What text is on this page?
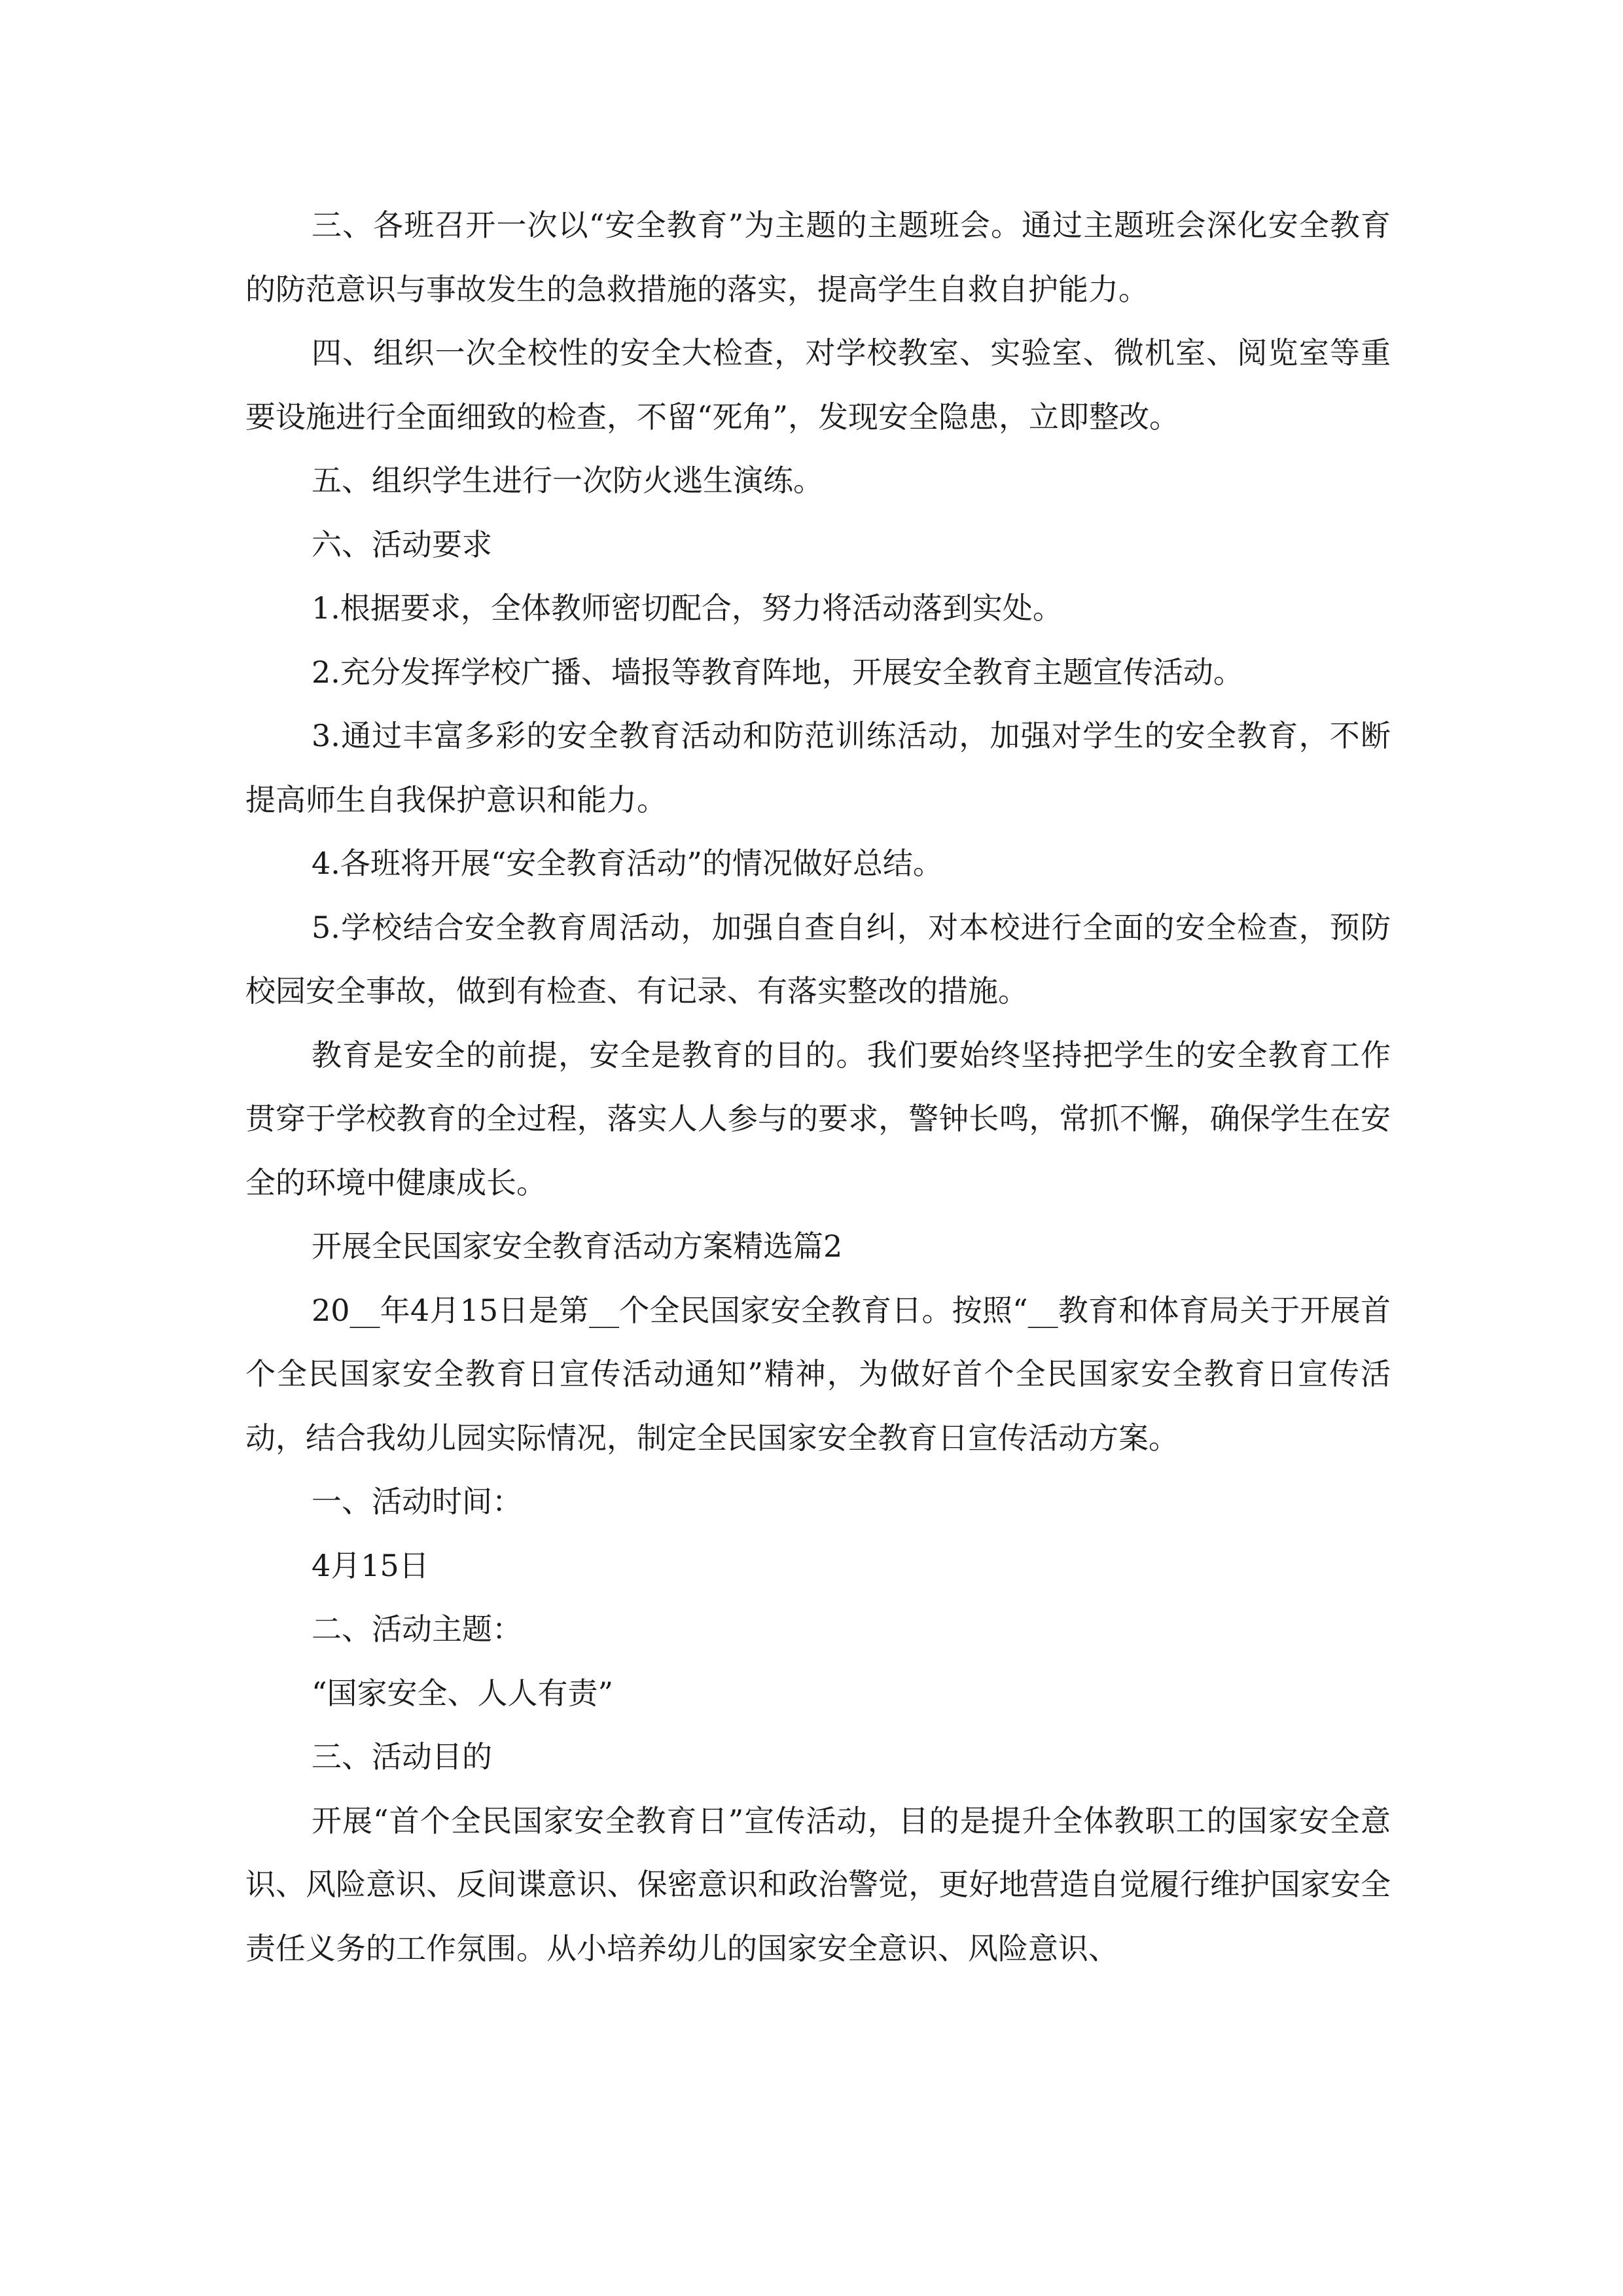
三、各班召开一次以“安全教育”为主题的主题班会。通过主题班会深化安全教育的防范意识与事故发生的急救措施的落实，提高学生自救自护能力。

四、组织一次全校性的安全大检查，对学校教室、实验室、微机室、阅览室等重要设施进行全面细致的检查，不留“死角”，发现安全隐患，立即整改。

五、组织学生进行一次防火逃生演练。

六、活动要求

1.根据要求，全体教师密切配合，努力将活动落到实处。

2.充分发挥学校广播、墙报等教育阵地，开展安全教育主题宣传活动。

3.通过丰富多彩的安全教育活动和防范训练活动，加强对学生的安全教育，不断提高师生自我保护意识和能力。

4.各班将开展“安全教育活动”的情况做好总结。

5.学校结合安全教育周活动，加强自查自纠，对本校进行全面的安全检查，预防校园安全事故，做到有检查、有记录、有落实整改的措施。

教育是安全的前提，安全是教育的目的。我们要始终坚持把学生的安全教育工作贯穿于学校教育的全过程，落实人人参与的要求，警钟长鸣，常抓不懈，确保学生在安全的环境中健康成长。

开展全民国家安全教育活动方案精选篇2

20__年4月15日是第__个全民国家安全教育日。按照“__教育和体育局关于开展首个全民国家安全教育日宣传活动通知”精神，为做好首个全民国家安全教育日宣传活动，结合我幼儿园实际情况，制定全民国家安全教育日宣传活动方案。

一、活动时间：

4月15日

二、活动主题：

“国家安全、人人有责”

三、活动目的

开展“首个全民国家安全教育日”宣传活动，目的是提升全体教职工的国家安全意识、风险意识、反间谍意识、保密意识和政治警觉，更好地营造自觉履行维护国家安全责任义务的工作氛围。从小培养幼儿的国家安全意识、风险意识、
